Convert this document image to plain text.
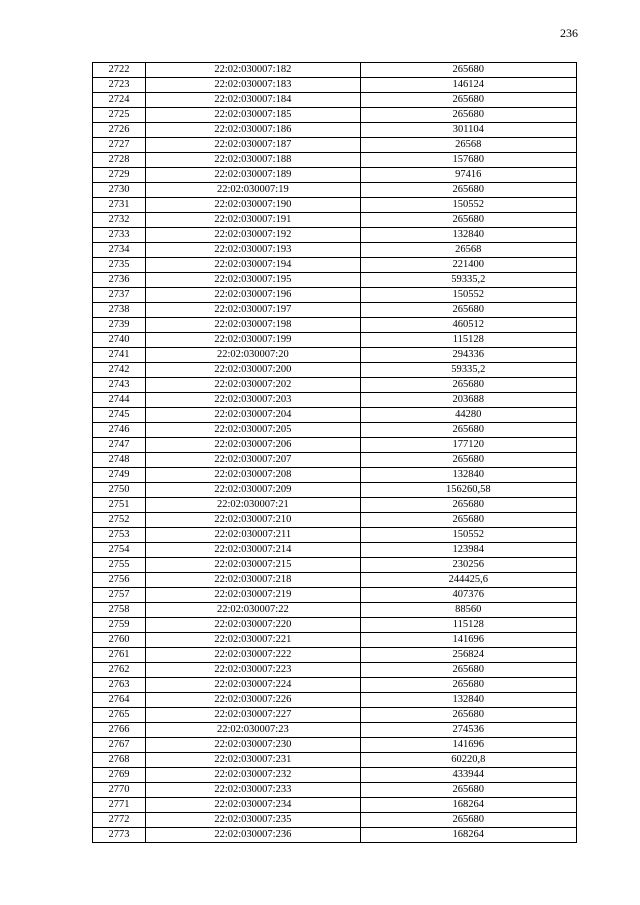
236
2722	22:02:030007:182	265680
2723	22:02:030007:183	146124
2724	22:02:030007:184	265680
2725	22:02:030007:185	265680
2726	22:02:030007:186	301104
2727	22:02:030007:187	26568
2728	22:02:030007:188	157680
2729	22:02:030007:189	97416
2730	22:02:030007:19	265680
2731	22:02:030007:190	150552
2732	22:02:030007:191	265680
2733	22:02:030007:192	132840
2734	22:02:030007:193	26568
2735	22:02:030007:194	221400
2736	22:02:030007:195	59335,2
2737	22:02:030007:196	150552
2738	22:02:030007:197	265680
2739	22:02:030007:198	460512
2740	22:02:030007:199	115128
2741	22:02:030007:20	294336
2742	22:02:030007:200	59335,2
2743	22:02:030007:202	265680
2744	22:02:030007:203	203688
2745	22:02:030007:204	44280
2746	22:02:030007:205	265680
2747	22:02:030007:206	177120
2748	22:02:030007:207	265680
2749	22:02:030007:208	132840
2750	22:02:030007:209	156260,58
2751	22:02:030007:21	265680
2752	22:02:030007:210	265680
2753	22:02:030007:211	150552
2754	22:02:030007:214	123984
2755	22:02:030007:215	230256
2756	22:02:030007:218	244425,6
2757	22:02:030007:219	407376
2758	22:02:030007:22	88560
2759	22:02:030007:220	115128
2760	22:02:030007:221	141696
2761	22:02:030007:222	256824
2762	22:02:030007:223	265680
2763	22:02:030007:224	265680
2764	22:02:030007:226	132840
2765	22:02:030007:227	265680
2766	22:02:030007:23	274536
2767	22:02:030007:230	141696
2768	22:02:030007:231	60220,8
2769	22:02:030007:232	433944
2770	22:02:030007:233	265680
2771	22:02:030007:234	168264
2772	22:02:030007:235	265680
2773	22:02:030007:236	168264
